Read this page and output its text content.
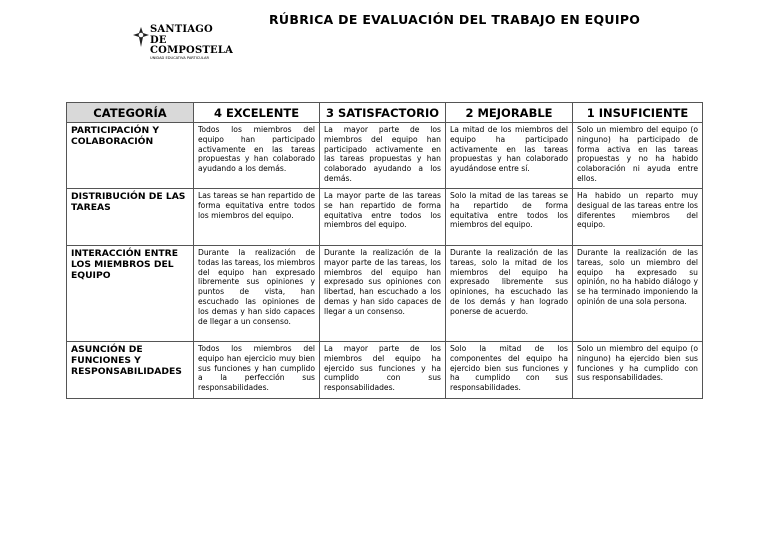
SANTIAGO DE
COMPOSTELA
UNIDAD EDUCATIVA PARTICULAR
RÚBRICA DE EVALUACIÓN DEL TRABAJO EN EQUIPO
CATEGORÍA	4 EXCELENTE	3 SATISFACTORIO	2 MEJORABLE	1 INSUFICIENTE
PARTICIPACIÓN Y COLABORACIÓN	Todos los miembros del equipo han participado activamente en las tareas propuestas y han colaborado ayudando a los demás.	La mayor parte de los miembros del equipo han participado activamente en las tareas propuestas y han colaborado ayudando a los demás.	La mitad de los miembros del equipo ha participado activamente en las tareas propuestas y han colaborado ayudándose entre sí.	Solo un miembro del equipo (o ninguno) ha participado de forma activa en las tareas propuestas y no ha habido colaboración ni ayuda entre ellos.
DISTRIBUCIÓN DE LAS TAREAS	Las tareas se han repartido de forma equitativa entre todos los miembros del equipo.	La mayor parte de las tareas se han repartido de forma equitativa entre todos los miembros del equipo.	Solo la mitad de las tareas se ha repartido de forma equitativa entre todos los miembros del equipo.	Ha habido un reparto muy desigual de las tareas entre los diferentes miembros del equipo.
INTERACCIÓN ENTRE LOS MIEMBROS DEL EQUIPO	Durante la realización de todas las tareas, los miembros del equipo han expresado libremente sus opiniones y puntos de vista, han escuchado las opiniones de los demas y han sido capaces de llegar a un consenso.	Durante la realización de la mayor parte de las tareas, los miembros del equipo han expresado sus opiniones con libertad, han escuchado a los demas y han sido capaces de llegar a un consenso.	Durante la realización de las tareas, solo la mitad de los miembros del equipo ha expresado libremente sus opiniones, ha escuchado las de los demás y han logrado ponerse de acuerdo.	Durante la realización de las tareas, solo un miembro del equipo ha expresado su opinión, no ha habido diálogo y se ha terminado imponiendo la opinión de una sola persona.
ASUNCIÓN DE FUNCIONES Y RESPONSABILIDADES	Todos los miembros del equipo han ejercicio muy bien sus funciones y han cumplido a la perfección sus responsabilidades.	La mayor parte de los miembros del equipo ha ejercido sus funciones y ha cumplido con sus responsabilidades.	Solo la mitad de los componentes del equipo ha ejercido bien sus funciones y ha cumplido con sus responsabilidades.	Solo un miembro del equipo (o ninguno) ha ejercido bien sus funciones y ha cumplido con sus responsabilidades.
